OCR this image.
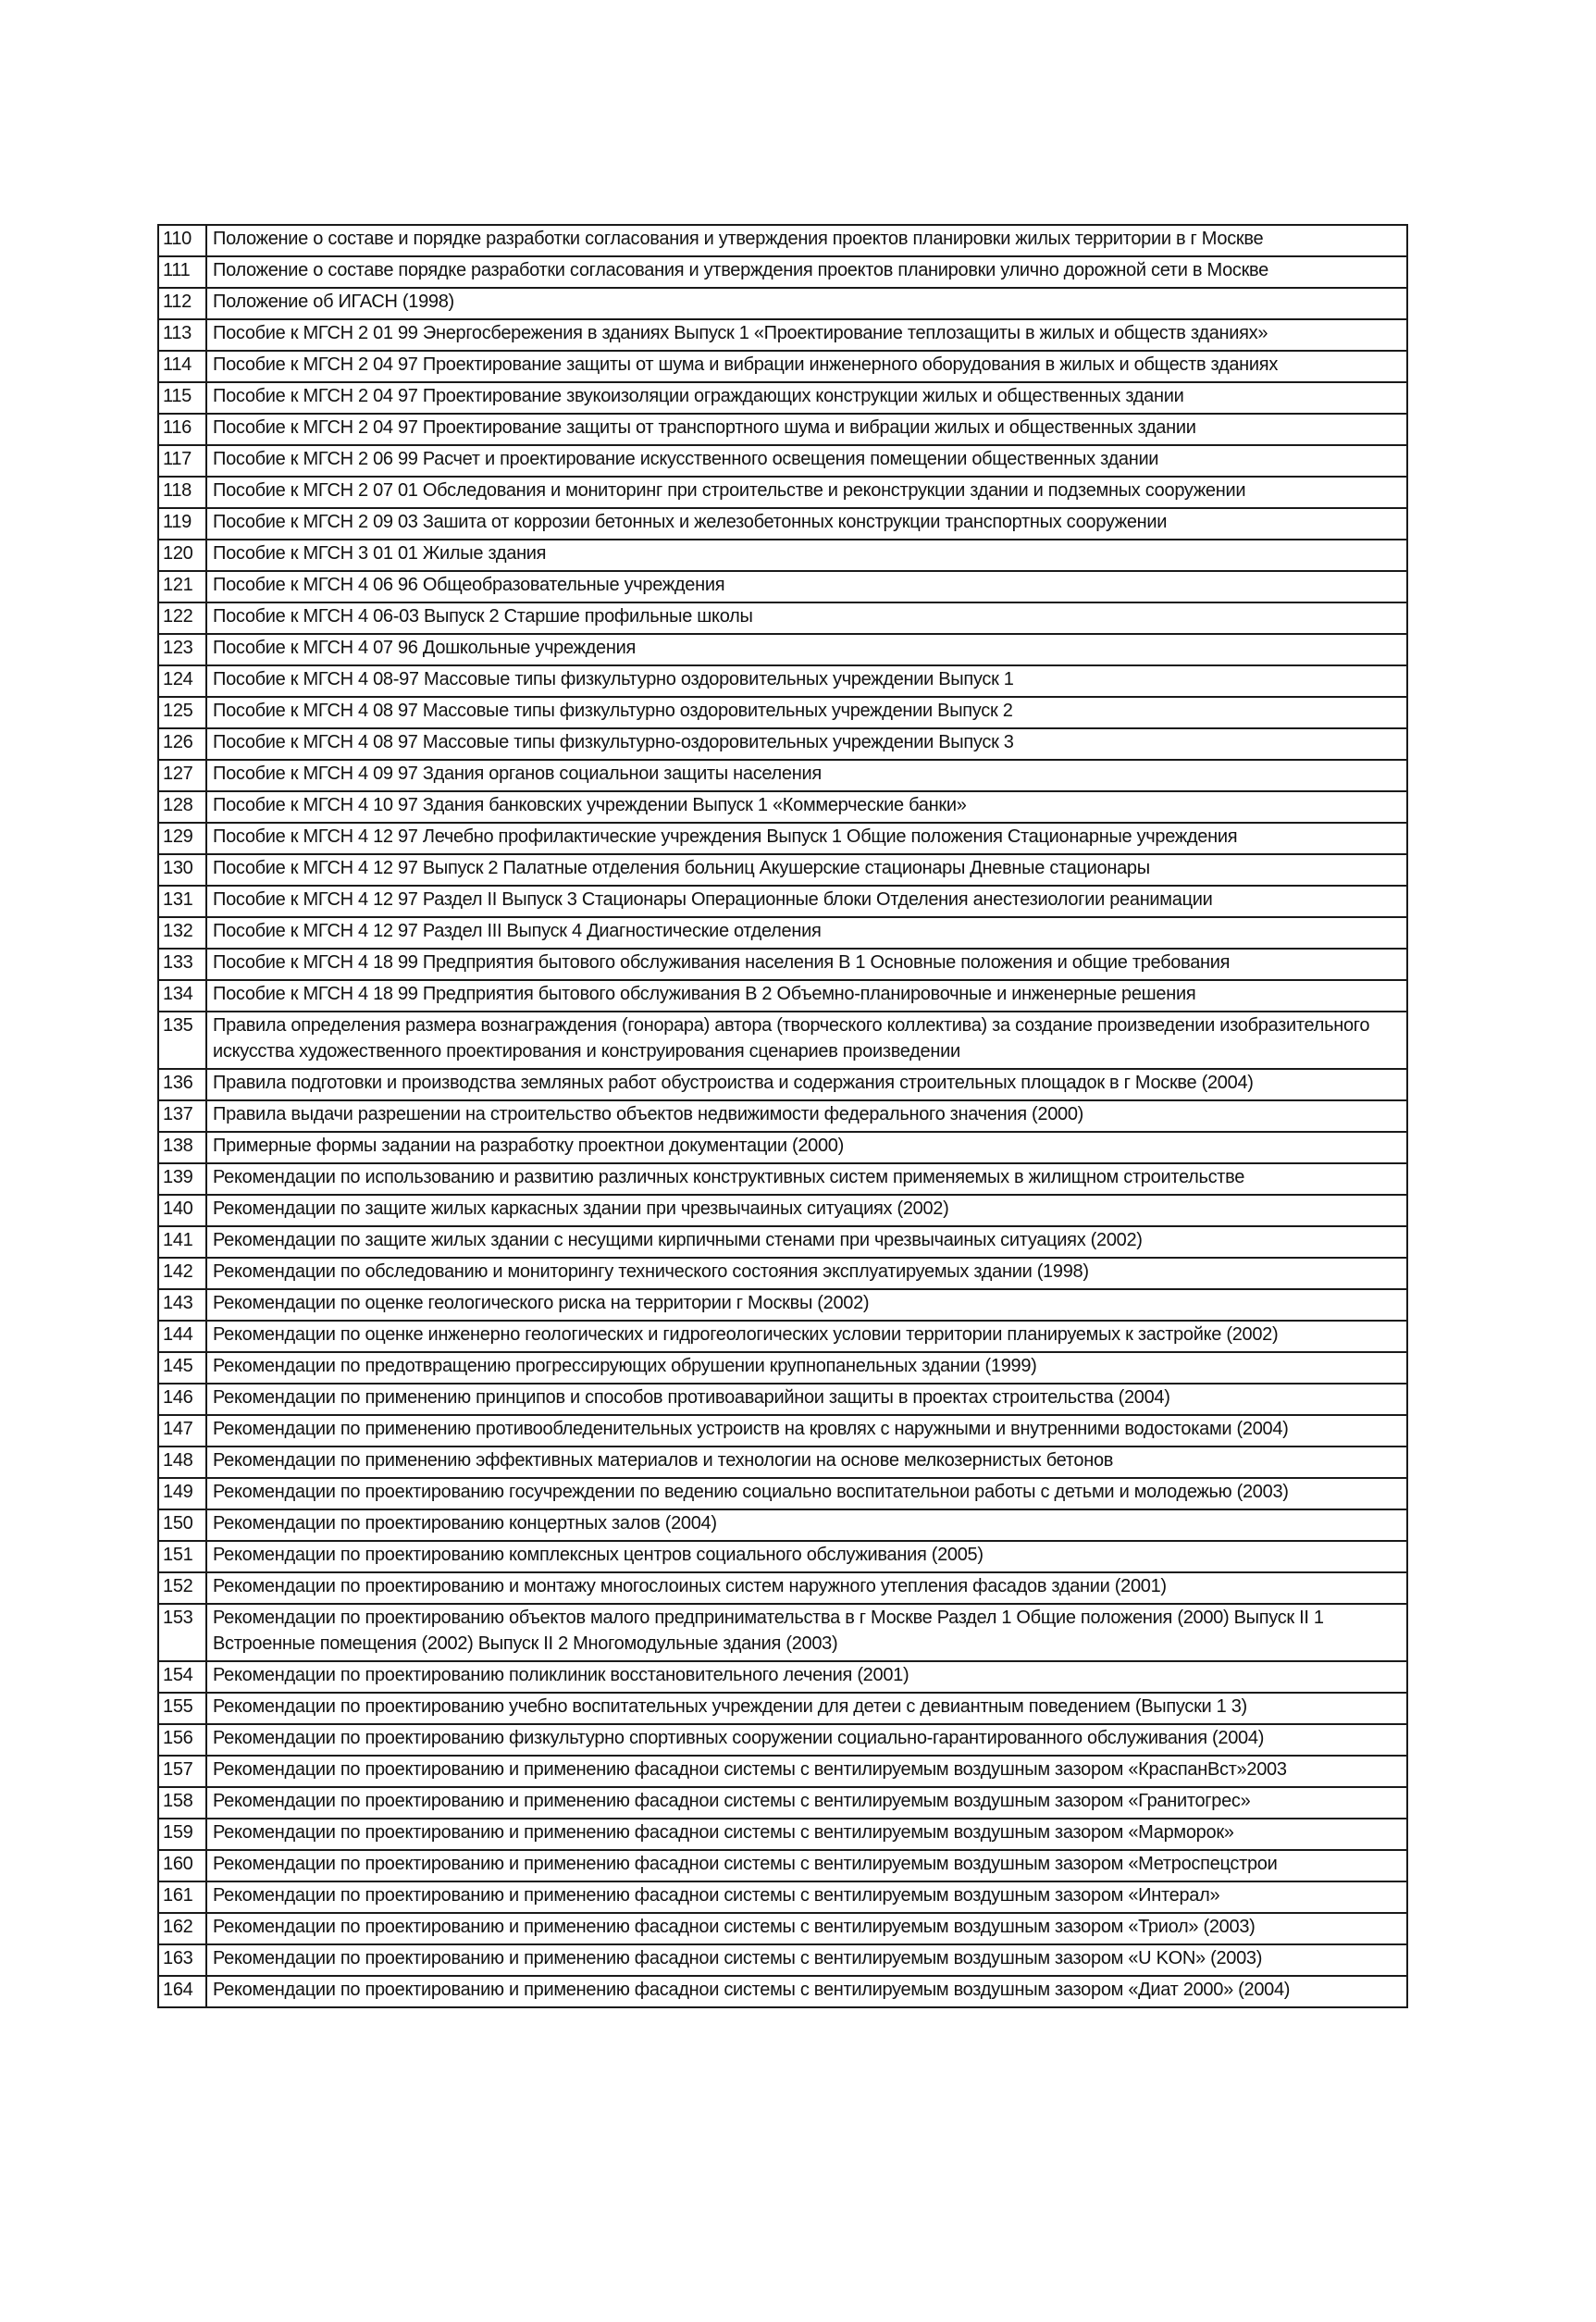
110	Положение о составе и порядке разработки согласования и утверждения проектов планировки жилых территории в г Москве
111	Положение о составе порядке разработки согласования и утверждения проектов планировки улично дорожной сети в Москве
112	Положение об ИГАСН (1998)
113	Пособие к МГСН 2 01 99 Энергосбережения в зданиях Выпуск 1 «Проектирование теплозащиты в жилых и обществ зданиях»
114	Пособие к МГСН 2 04 97 Проектирование защиты от шума и вибрации инженерного оборудования в жилых и обществ зданиях
115	Пособие к МГСН 2 04 97 Проектирование звукоизоляции ограждающих конструкции жилых и общественных здании
116	Пособие к МГСН 2 04 97 Проектирование защиты от транспортного шума и вибрации жилых и общественных здании
117	Пособие к МГСН 2 06 99 Расчет и проектирование искусственного освещения помещении общественных здании
118	Пособие к МГСН 2 07 01 Обследования и мониторинг при строительстве и реконструкции здании и подземных сооружении
119	Пособие к МГСН 2 09 03 Зашита от коррозии бетонных и железобетонных конструкции транспортных сооружении
120	Пособие к МГСН 3 01 01 Жилые здания
121	Пособие к МГСН 4 06 96 Общеобразовательные учреждения
122	Пособие к МГСН 4 06-03 Выпуск 2 Старшие профильные школы
123	Пособие к МГСН 4 07 96 Дошкольные учреждения
124	Пособие к МГСН 4 08-97 Массовые типы физкультурно оздоровительных учреждении Выпуск 1
125	Пособие к МГСН 4 08 97 Массовые типы физкультурно оздоровительных учреждении Выпуск 2
126	Пособие к МГСН 4 08 97 Массовые типы физкультурно-оздоровительных учреждении Выпуск 3
127	Пособие к МГСН 4 09 97 Здания органов социальнои защиты населения
128	Пособие к МГСН 4 10 97 Здания банковских учреждении Выпуск 1 «Коммерческие банки»
129	Пособие к МГСН 4 12 97 Лечебно профилактические учреждения Выпуск 1 Общие положения Стационарные учреждения
130	Пособие к МГСН 4 12 97 Выпуск 2 Палатные отделения больниц Акушерские стационары Дневные стационары
131	Пособие к МГСН 4 12 97 Раздел II Выпуск 3 Стационары Операционные блоки Отделения анестезиологии реанимации
132	Пособие к МГСН 4 12 97 Раздел III Выпуск 4 Диагностические отделения
133	Пособие к МГСН 4 18 99 Предприятия бытового обслуживания населения В 1 Основные положения и общие требования
134	Пособие к МГСН 4 18 99 Предприятия бытового обслуживания В 2 Объемно-планировочные и инженерные решения
135	Правила определения размера вознаграждения (гонорара) автора (творческого коллектива) за создание произведении изобразительного искусства художественного проектирования и конструирования сценариев произведении
136	Правила подготовки и производства земляных работ обустроиства и содержания строительных площадок в г Москве (2004)
137	Правила выдачи разрешении на строительство объектов недвижимости федерального значения (2000)
138	Примерные формы задании на разработку проектнои документации (2000)
139	Рекомендации по использованию и развитию различных конструктивных систем применяемых в жилищном строительстве
140	Рекомендации по защите жилых каркасных здании при чрезвычаиных ситуациях (2002)
141	Рекомендации по защите жилых здании с несущими кирпичными стенами при чрезвычаиных ситуациях (2002)
142	Рекомендации по обследованию и мониторингу технического состояния эксплуатируемых здании (1998)
143	Рекомендации по оценке геологического риска на территории г Москвы (2002)
144	Рекомендации по оценке инженерно геологических и гидрогеологических условии территории планируемых к застройке (2002)
145	Рекомендации по предотвращению прогрессирующих обрушении крупнопанельных здании (1999)
146	Рекомендации по применению принципов и способов противоаварийнои защиты в проектах строительства (2004)
147	Рекомендации по применению противообледенительных устроиств на кровлях с наружными и внутренними водостоками (2004)
148	Рекомендации по применению эффективных материалов и технологии на основе мелкозернистых бетонов
149	Рекомендации по проектированию госучреждении по ведению социально воспитательнои работы с детьми и молодежью (2003)
150	Рекомендации по проектированию концертных залов (2004)
151	Рекомендации по проектированию комплексных центров социального обслуживания (2005)
152	Рекомендации по проектированию и монтажу многослоиных систем наружного утепления фасадов здании (2001)
153	Рекомендации по проектированию объектов малого предпринимательства в г Москве Раздел 1 Общие положения (2000) Выпуск II 1 Встроенные помещения (2002) Выпуск II 2 Многомодульные здания (2003)
154	Рекомендации по проектированию поликлиник восстановительного лечения (2001)
155	Рекомендации по проектированию учебно воспитательных учреждении для детеи с девиантным поведением (Выпуски 1 3)
156	Рекомендации по проектированию физкультурно спортивных сооружении социально-гарантированного обслуживания (2004)
157	Рекомендации по проектированию и применению фасаднои системы с вентилируемым воздушным зазором «КраспанВст»2003
158	Рекомендации по проектированию и применению фасаднои системы с вентилируемым воздушным зазором «Гранитогрес»
159	Рекомендации по проектированию и применению фасаднои системы с вентилируемым воздушным зазором «Марморок»
160	Рекомендации по проектированию и применению фасаднои системы с вентилируемым воздушным зазором «Метроспецстрои
161	Рекомендации по проектированию и применению фасаднои системы с вентилируемым воздушным зазором «Интерал»
162	Рекомендации по проектированию и применению фасаднои системы с вентилируемым воздушным зазором «Триол» (2003)
163	Рекомендации по проектированию и применению фасаднои системы с вентилируемым воздушным зазором «U KON» (2003)
164	Рекомендации по проектированию и применению фасаднои системы с вентилируемым воздушным зазором «Диат 2000» (2004)
